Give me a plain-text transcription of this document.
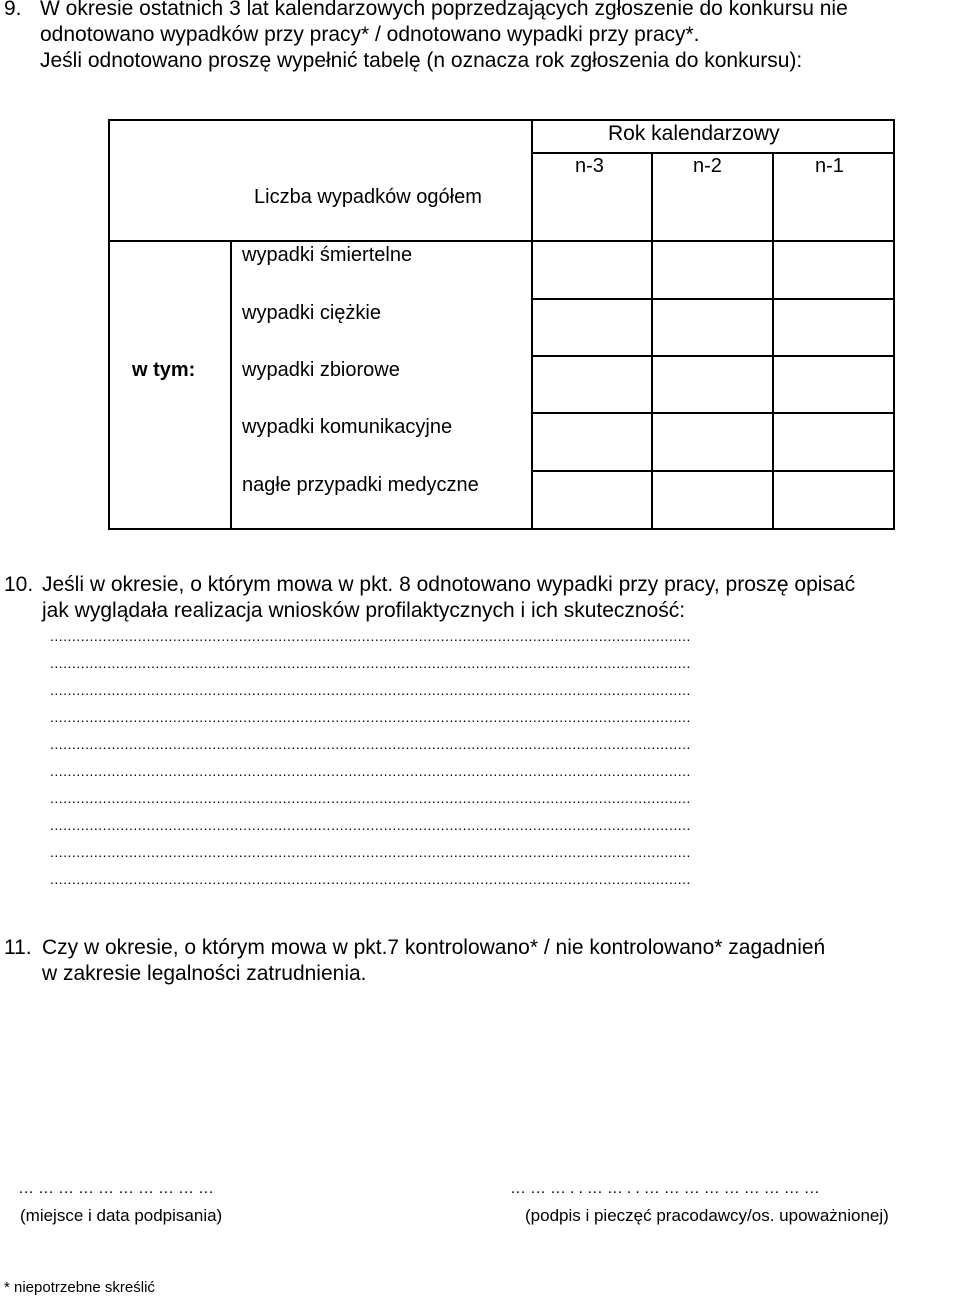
9. W okresie ostatnich 3 lat kalendarzowych poprzedzających zgłoszenie do konkursu nie
odnotowano wypadków przy pracy* / odnotowano wypadki przy pracy*.
Jeśli odnotowano proszę wypełnić tabelę (n oznacza rok zgłoszenia do konkursu):
Liczba wypadków ogółem
Rok kalendarzowy
n-3	n-2	n-1
w tym:
wypadki śmiertelne
wypadki ciężkie
wypadki zbiorowe
wypadki komunikacyjne
nagłe przypadki medyczne
10. Jeśli w okresie, o którym mowa w pkt. 8 odnotowano wypadki przy pracy, proszę opisać
jak wyglądała realizacja wniosków profilaktycznych i ich skuteczność:
..................................................................................................................................................
..................................................................................................................................................
..................................................................................................................................................
..................................................................................................................................................
..................................................................................................................................................
..................................................................................................................................................
..................................................................................................................................................
..................................................................................................................................................
..................................................................................................................................................
..................................................................................................................................................
11. Czy w okresie, o którym mowa w pkt.7 kontrolowano* / nie kontrolowano* zagadnień
w zakresie legalności zatrudnienia.
…………………………
(miejsce i data podpisania)
………..……..………………………
(podpis i pieczęć pracodawcy/os. upoważnionej)
* niepotrzebne skreślić
